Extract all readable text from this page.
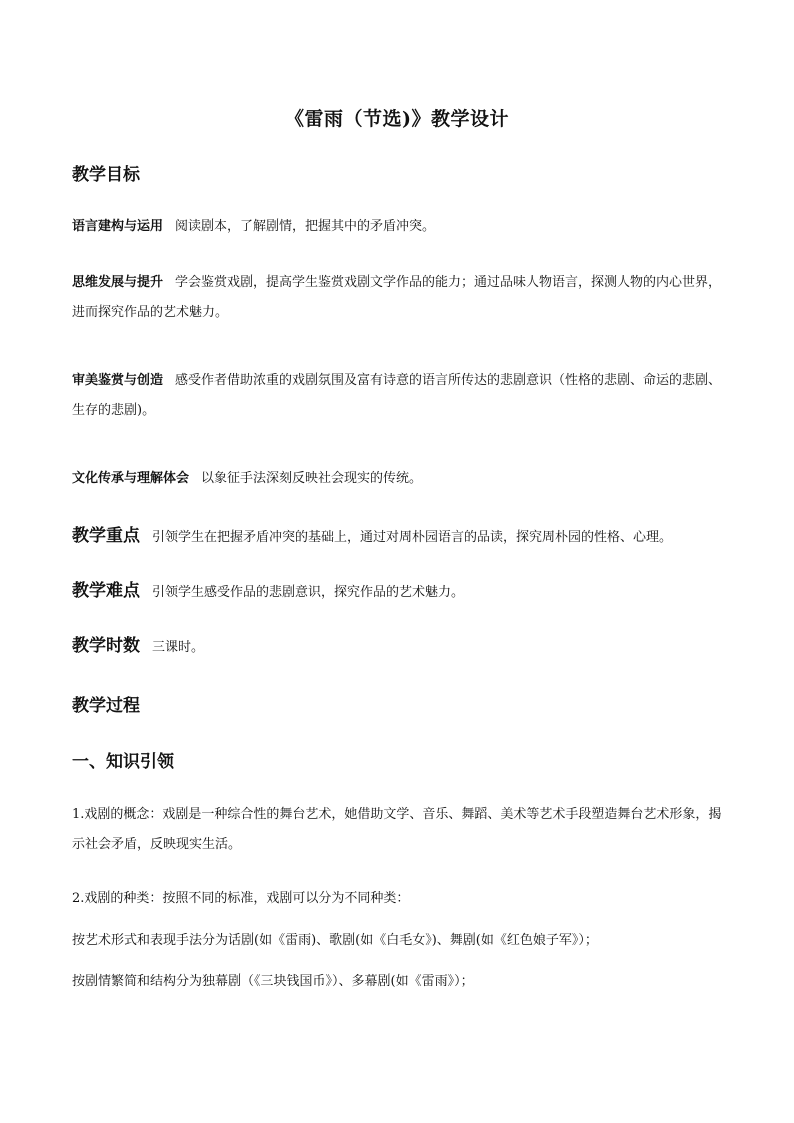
《雷雨（节选)》教学设计
教学目标
语言建构与运用 阅读剧本，了解剧情，把握其中的矛盾冲突。
思维发展与提升 学会鉴赏戏剧，提高学生鉴赏戏剧文学作品的能力；通过品味人物语言，探测人物的内心世界，进而探究作品的艺术魅力。
审美鉴赏与创造 感受作者借助浓重的戏剧氛围及富有诗意的语言所传达的悲剧意识（性格的悲剧、命运的悲剧、生存的悲剧)。
文化传承与理解体会 以象征手法深刻反映社会现实的传统。
教学重点 引领学生在把握矛盾冲突的基础上，通过对周朴园语言的品读，探究周朴园的性格、心理。
教学难点 引领学生感受作品的悲剧意识，探究作品的艺术魅力。
教学时数 三课时。
教学过程
一、知识引领
1.戏剧的概念：戏剧是一种综合性的舞台艺术，她借助文学、音乐、舞蹈、美术等艺术手段塑造舞台艺术形象，揭示社会矛盾，反映现实生活。
2.戏剧的种类：按照不同的标准，戏剧可以分为不同种类：
按艺术形式和表现手法分为话剧(如《雷雨)、歌剧(如《白毛女》)、舞剧(如《红色娘子军》）；
按剧情繁简和结构分为独幕剧（《三块钱国币》）、多幕剧(如《雷雨》）；
